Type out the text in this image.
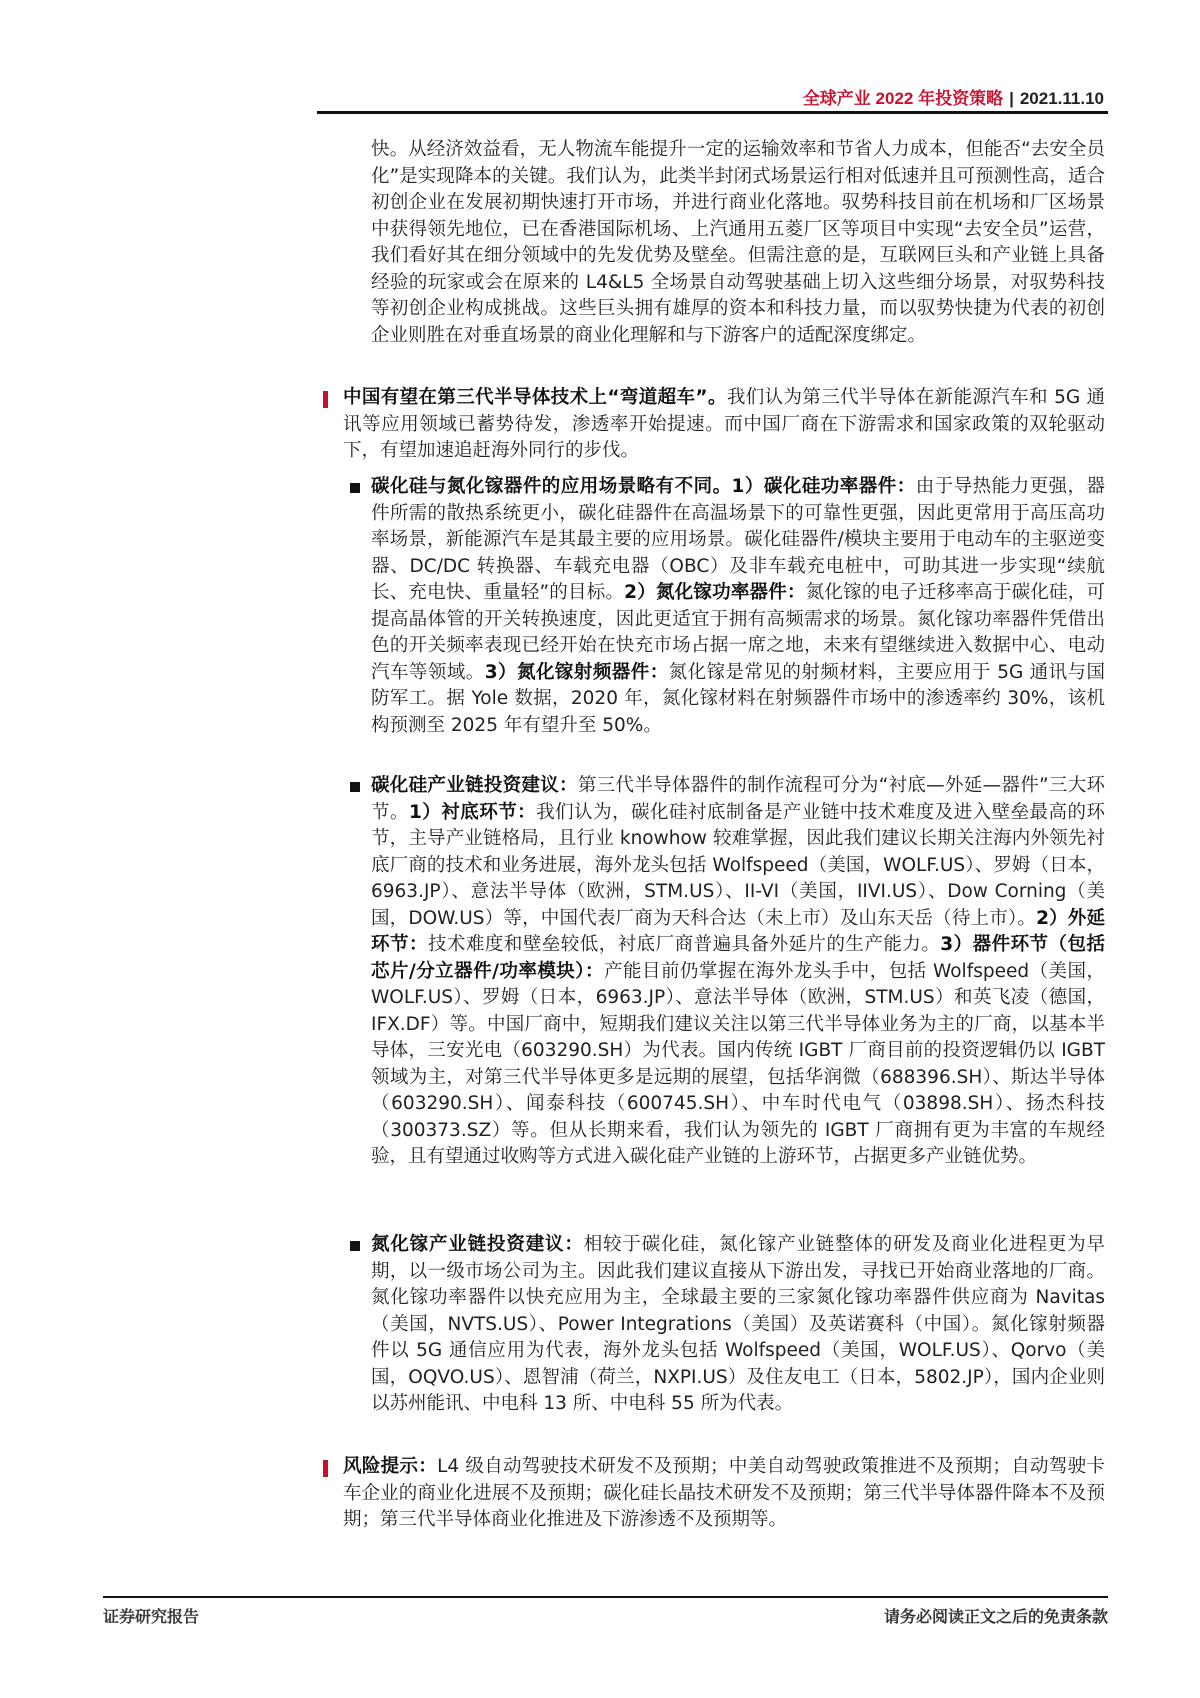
全球产业 2022 年投资策略 | 2021.11.10
快。从经济效益看，无人物流车能提升一定的运输效率和节省人力成本，但能否“去安全员化”是实现降本的关键。我们认为，此类半封闭式场景运行相对低速并且可预测性高，适合初创企业在发展初期快速打开市场，并进行商业化落地。驭势科技目前在机场和厂区场景中获得领先地位，已在香港国际机场、上汽通用五菱厂区等项目中实现“去安全员”运营，我们看好其在细分领域中的先发优势及壁垒。但需注意的是，互联网巨头和产业链上具备经验的玩家或会在原来的 L4&L5 全场景自动驾驶基础上切入这些细分场景，对驭势科技等初创企业构成挑战。这些巨头拥有雄厚的资本和科技力量，而以驭势快捷为代表的初创企业则胜在对垂直场景的商业化理解和与下游客户的适配深度绑定。
中国有望在第三代半导体技术上“弯道超车”。我们认为第三代半导体在新能源汽车和 5G 通讯等应用领域已蓄势待发，渗透率开始提速。而中国厂商在下游需求和国家政策的双轮驱动下，有望加速追赶海外同行的步伐。
碳化硅与氮化镓器件的应用场景略有不同。1）碳化硅功率器件：由于导热能力更强，器件所需的散热系统更小，碳化硅器件在高温场景下的可靠性更强，因此更常用于高压高功率场景，新能源汽车是其最主要的应用场景。碳化硅器件/模块主要用于电动车的主驱逆变器、DC/DC 转换器、车载充电器（OBC）及非车载充电桩中，可助其进一步实现“续航长、充电快、重量轻”的目标。2）氮化镓功率器件：氮化镓的电子迁移率高于碳化硅，可提高晶体管的开关转换速度，因此更适宜于拥有高频需求的场景。氮化镓功率器件凭借出色的开关频率表现已经开始在快充市场占据一席之地，未来有望继续进入数据中心、电动汽车等领域。3）氮化镓射频器件：氮化镓是常见的射频材料，主要应用于 5G 通讯与国防军工。据 Yole 数据，2020 年，氮化镓材料在射频器件市场中的渗透率约 30%，该机构预测至 2025 年有望升至 50%。
碳化硅产业链投资建议：第三代半导体器件的制作流程可分为“衬底—外延—器件”三大环节。1）衬底环节：我们认为，碳化硅衬底制备是产业链中技术难度及进入壁垒最高的环节，主导产业链格局，且行业 knowhow 较难掌握，因此我们建议长期关注海内外领先衬底厂商的技术和业务进展，海外龙头包括 Wolfspeed（美国，WOLF.US）、罗姆（日本，6963.JP）、意法半导体（欧洲，STM.US）、II-VI（美国，IIVI.US）、Dow Corning（美国，DOW.US）等，中国代表厂商为天科合达（未上市）及山东天岳（待上市）。2）外延环节：技术难度和壁垒较低，衬底厂商普遍具备外延片的生产能力。3）器件环节（包括芯片/分立器件/功率模块）：产能目前仍掌握在海外龙头手中，包括 Wolfspeed（美国，WOLF.US）、罗姆（日本，6963.JP）、意法半导体（欧洲，STM.US）和英飞凌（德国，IFX.DF）等。中国厂商中，短期我们建议关注以第三代半导体业务为主的厂商，以基本半导体，三安光电（603290.SH）为代表。国内传统 IGBT 厂商目前的投资逻辑仍以 IGBT 领域为主，对第三代半导体更多是远期的展望，包括华润微（688396.SH）、斯达半导体（603290.SH）、闻泰科技（600745.SH）、中车时代电气（03898.SH）、扬杰科技（300373.SZ）等。但从长期来看，我们认为领先的 IGBT 厂商拥有更为丰富的车规经验，且有望通过收购等方式进入碳化硅产业链的上游环节，占据更多产业链优势。
氮化镓产业链投资建议：相较于碳化硅，氮化镓产业链整体的研发及商业化进程更为早期，以一级市场公司为主。因此我们建议直接从下游出发，寻找已开始商业落地的厂商。氮化镓功率器件以快充应用为主，全球最主要的三家氮化镓功率器件供应商为 Navitas（美国，NVTS.US）、Power Integrations（美国）及英诺赛科（中国）。氮化镓射频器件以 5G 通信应用为代表，海外龙头包括 Wolfspeed（美国，WOLF.US）、Qorvo（美国，OQVO.US）、恩智浦（荷兰，NXPI.US）及住友电工（日本，5802.JP），国内企业则以苏州能讯、中电科 13 所、中电科 55 所为代表。
风险提示：L4 级自动驾驶技术研发不及预期；中美自动驾驶政策推进不及预期；自动驾驶卡车企业的商业化进展不及预期；碳化硅长晶技术研发不及预期；第三代半导体器件降本不及预期；第三代半导体商业化推进及下游渗透不及预期等。
证券研究报告	请务必阅读正文之后的免责条款
